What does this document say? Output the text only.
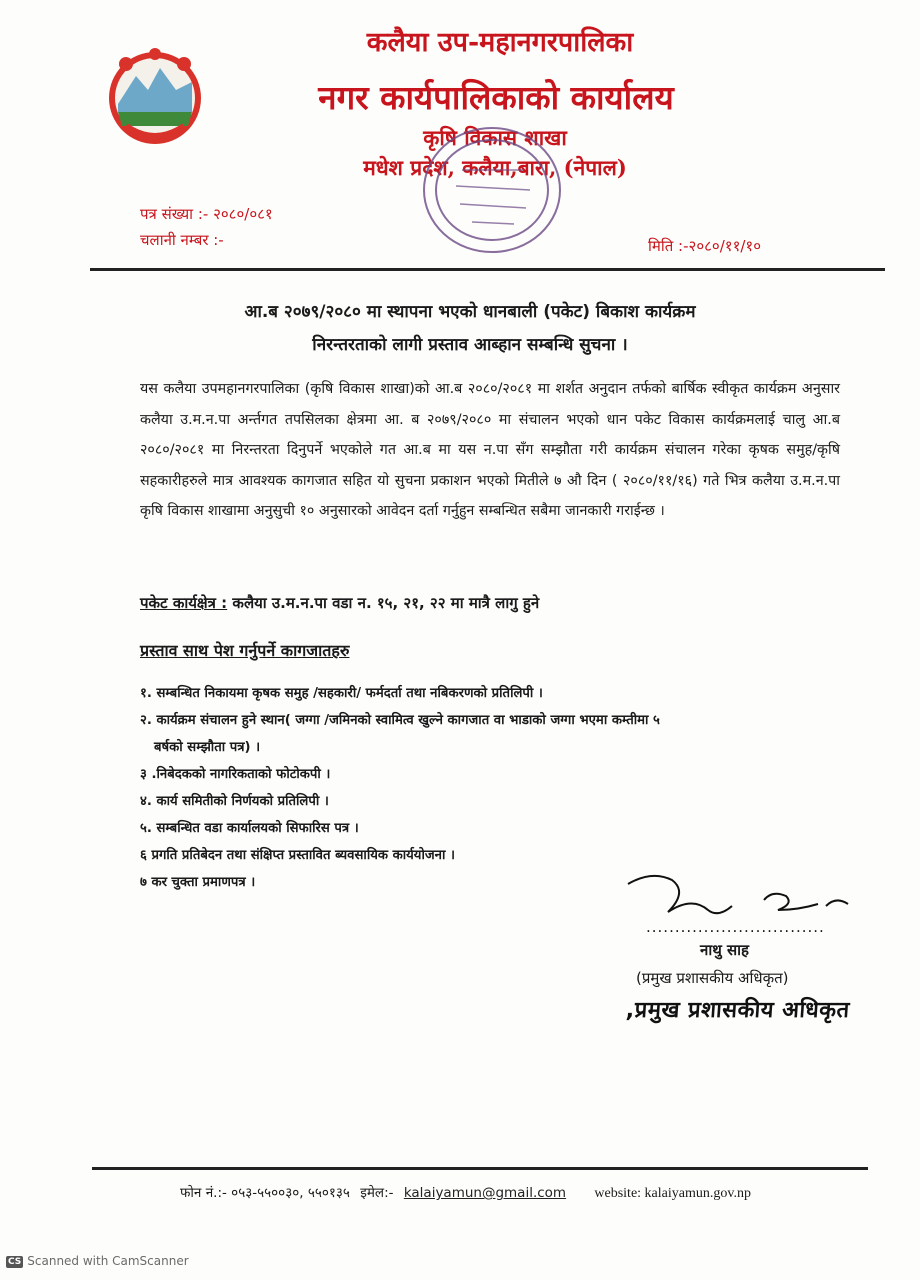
कलैया उप-महानगरपालिका
नगर कार्यपालिकाको कार्यालय
कृषि विकास शाखा
मधेश प्रदेश, कलैया,बारा, (नेपाल)
पत्र संख्या :- २०८०/०८१
चलानी नम्बर :-	मिति :-२०८०/११/१०
आ.ब २०७९/२०८० मा स्थापना भएको धानबाली (पकेट) बिकाश कार्यक्रम
निरन्तरताको लागी प्रस्ताव आब्हान सम्बन्धि सुचना ।

यस कलैया उपमहानगरपालिका (कृषि विकास शाखा)को आ.ब २०८०/२०८१ मा शर्शत अनुदान तर्फको बार्षिक स्वीकृत कार्यक्रम अनुसार कलैया उ.म.न.पा अर्न्तगत तपसिलका क्षेत्रमा आ. ब २०७९/२०८० मा संचालन भएको धान पकेट विकास कार्यक्रमलाई चालु आ.ब २०८०/२०८१ मा निरन्तरता दिनुपर्ने भएकोले गत आ.ब मा यस न.पा सँग सम्झौता गरी कार्यक्रम संचालन गरेका कृषक समुह/कृषि सहकारीहरुले मात्र आवश्यक कागजात सहित यो सुचना प्रकाशन भएको मितीले ७ औ दिन ( २०८०/११/१६) गते भित्र कलैया उ.म.न.पा कृषि विकास शाखामा अनुसुची १० अनुसारको आवेदन दर्ता गर्नुहुन सम्बन्धित सबैमा जानकारी गराईन्छ ।

पकेट कार्यक्षेत्र : कलैया उ.म.न.पा वडा न. १५, २१, २२ मा मात्रै लागु हुने
प्रस्ताव साथ पेश गर्नुपर्ने कागजातहरु
१. सम्बन्धित निकायमा कृषक समुह /सहकारी/ फर्मदर्ता तथा नबिकरणको प्रतिलिपी ।
२. कार्यक्रम संचालन हुने स्थान( जग्गा /जमिनको स्वामित्व खुल्ने कागजात वा भाडाको जग्गा भएमा कम्तीमा ५
बर्षको सम्झौता पत्र) ।
३ .निबेदकको नागरिकताको फोटोकपी ।
४. कार्य समितीको निर्णयको प्रतिलिपी ।
५. सम्बन्धित वडा कार्यालयको सिफारिस पत्र ।
६ प्रगति प्रतिबेदन तथा संक्षिप्त प्रस्तावित ब्यवसायिक कार्ययोजना ।
७ कर चुक्ता प्रमाणपत्र ।
...............................
नाथु साह
(प्रमुख प्रशासकीय अधिकृत)
,प्रमुख प्रशासकीय अधिकृत
फोन नं.:- ०५३-५५००३०, ५५०१३५ इमेल:- kalaiyamun@gmail.com website: kalaiyamun.gov.np
CS Scanned with CamScanner
